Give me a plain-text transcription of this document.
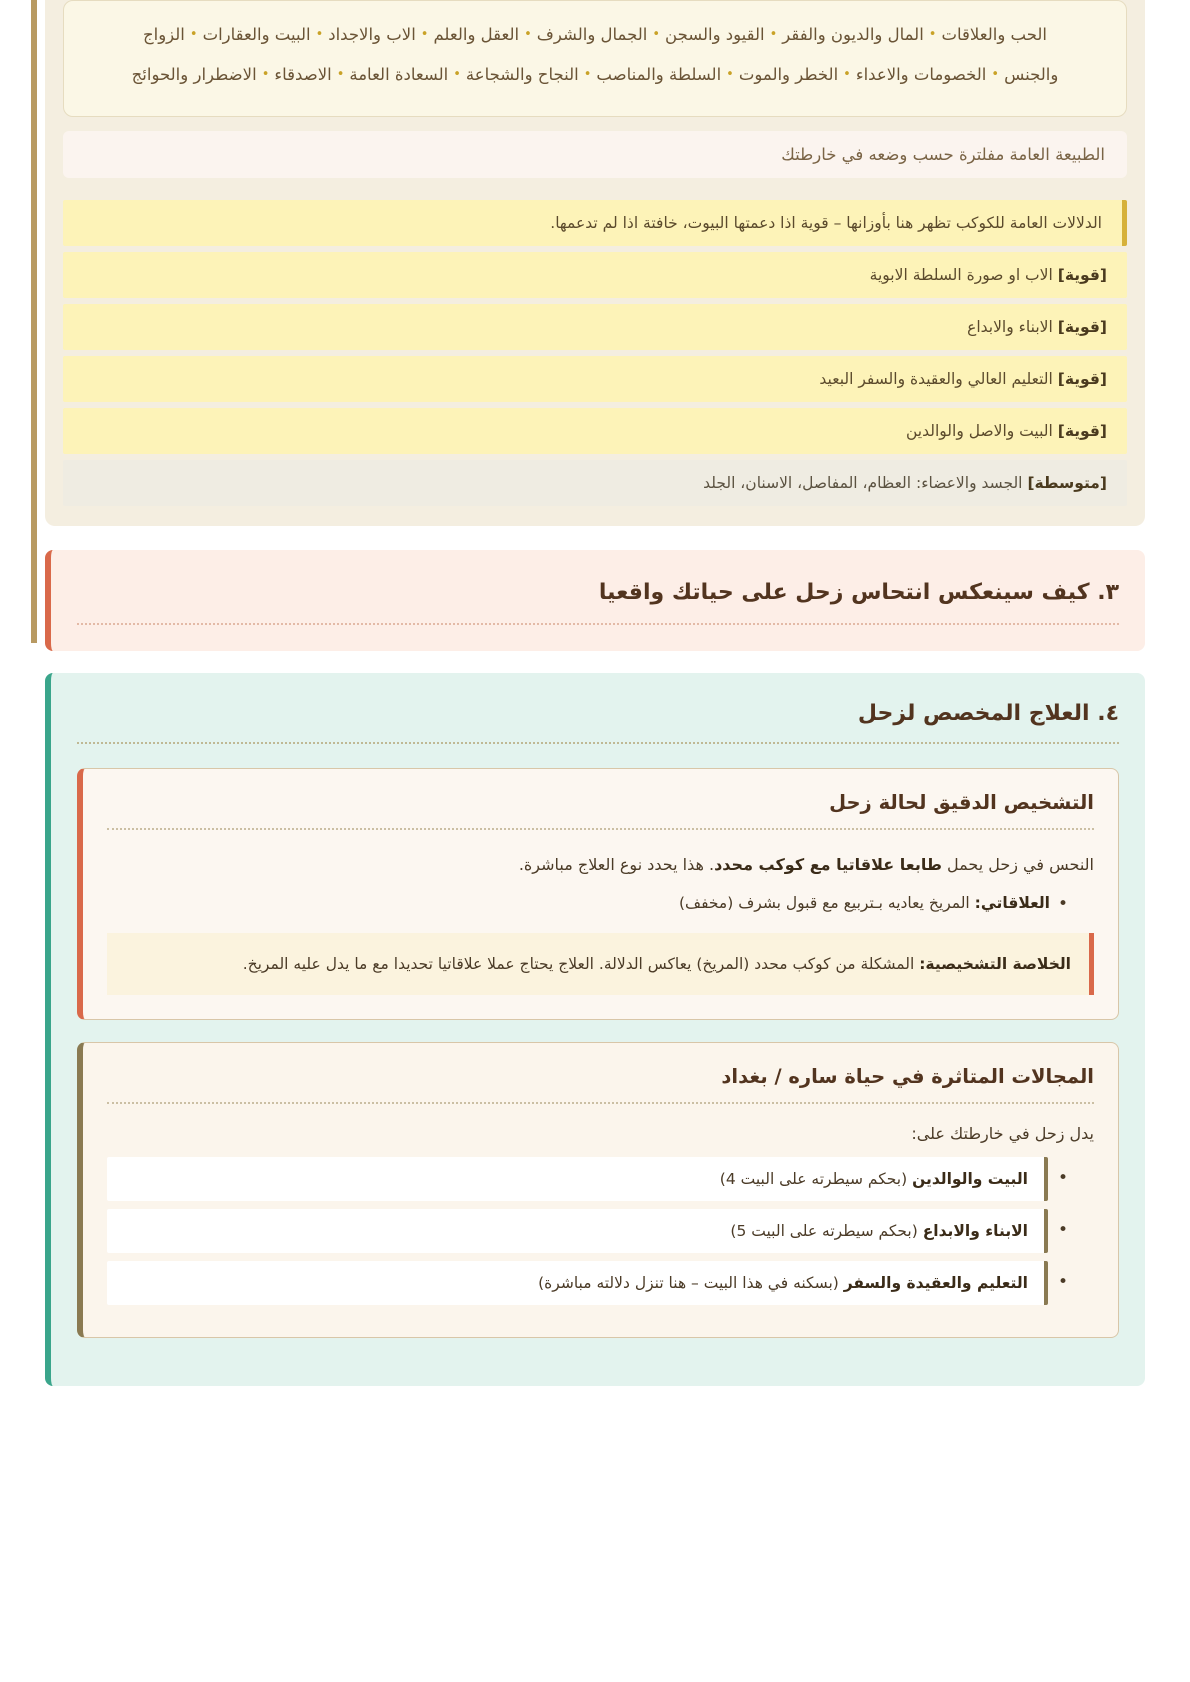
الحب والعلاقات•المال والديون والفقر•القيود والسجن•الجمال والشرف•العقل والعلم•الاب والاجداد•البيت والعقارات•الزواج والجنس•الخصومات والاعداء•الخطر والموت•السلطة والمناصب•النجاح والشجاعة•السعادة العامة•الاصدقاء•الاضطرار والحوائج
الطبيعة العامة مفلترة حسب وضعه في خارطتك
الدلالات العامة للكوكب تظهر هنا بأوزانها – قوية اذا دعمتها البيوت، خافتة اذا لم تدعمها.
[قوية] الاب او صورة السلطة الابوية
[قوية] الابناء والابداع
[قوية] التعليم العالي والعقيدة والسفر البعيد
[قوية] البيت والاصل والوالدين
[متوسطة] الجسد والاعضاء: العظام، المفاصل، الاسنان، الجلد
٣. كيف سينعكس انتحاس زحل على حياتك واقعيا
٤. العلاج المخصص لزحل
التشخيص الدقيق لحالة زحل

النحس في زحل يحمل طابعا علاقاتيا مع كوكب محدد. هذا يحدد نوع العلاج مباشرة.

• العلاقاتي: المريخ يعاديه بـتربيع مع قبول بشرف (مخفف)
الخلاصة التشخيصية: المشكلة من كوكب محدد (المريخ) يعاكس الدلالة. العلاج يحتاج عملا علاقاتيا تحديدا مع ما يدل عليه المريخ.
المجالات المتاثرة في حياة ساره / بغداد
يدل زحل في خارطتك على:
• البيت والوالدين (بحكم سيطرته على البيت 4)
• الابناء والابداع (بحكم سيطرته على البيت 5)
• التعليم والعقيدة والسفر (بسكنه في هذا البيت – هنا تنزل دلالته مباشرة)
